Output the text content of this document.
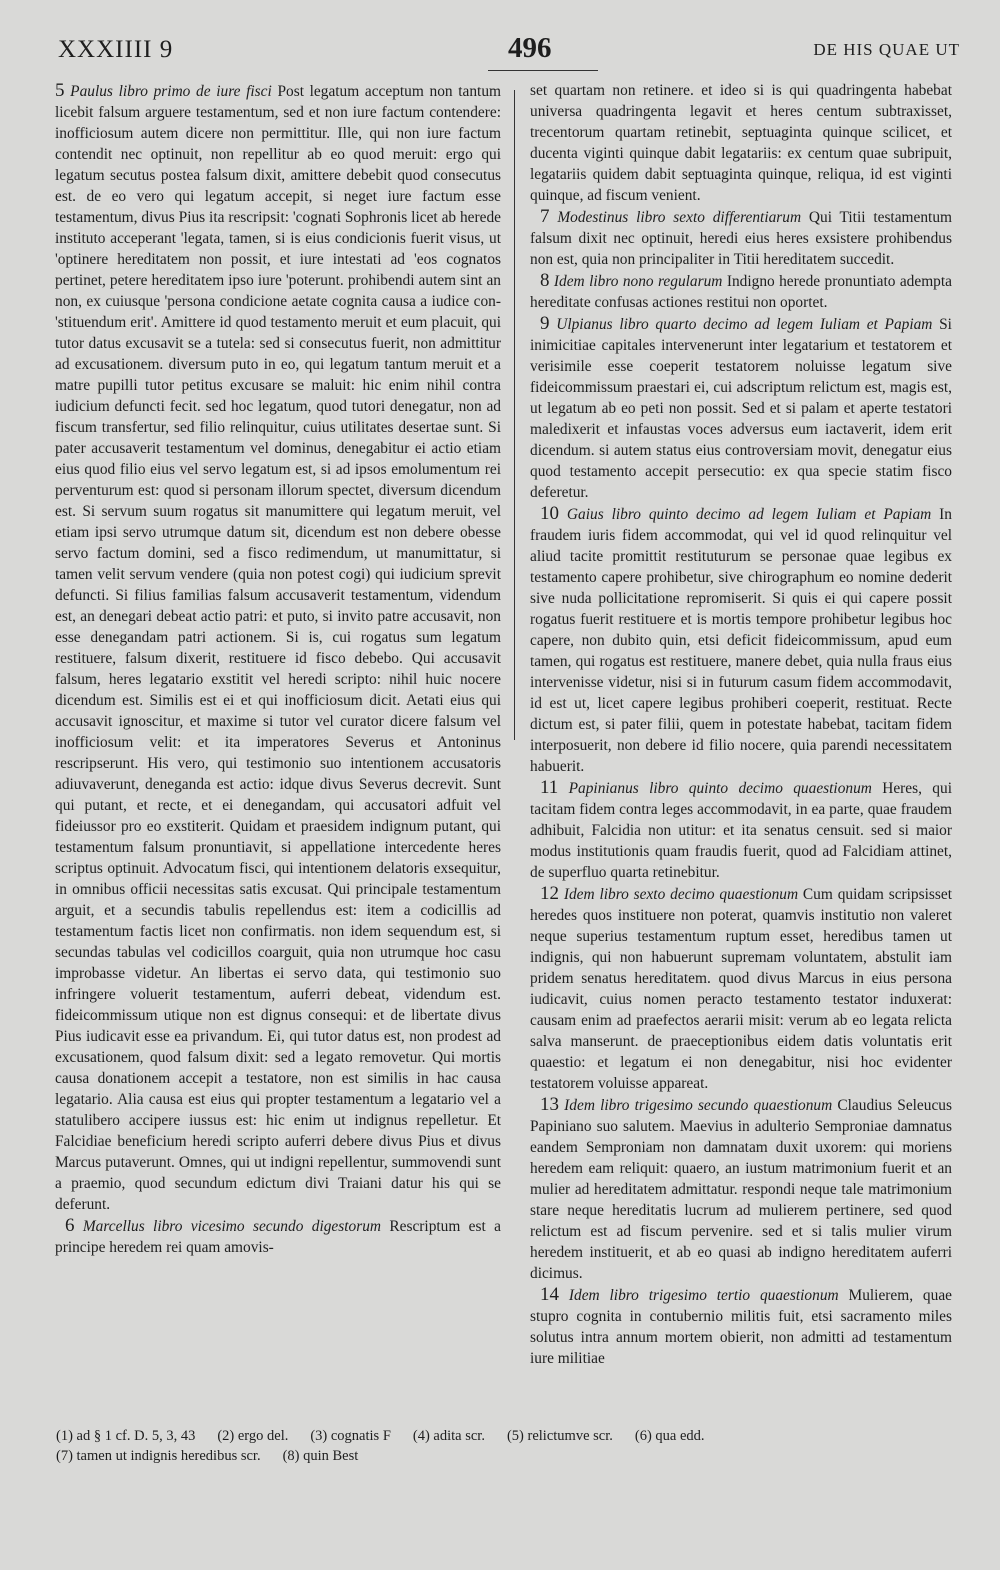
XXXIIII 9	496	DE HIS QUAE UT

5 Paulus libro primo de iure fisci Post legatum acceptum non tantum licebit falsum arguere testamentum, sed et non iure factum contendere: inofficiosum autem dicere non permittitur. Ille, qui non iure factum contendit nec optinuit, non repellitur ab eo quod meruit: ergo qui legatum secutus postea falsum dixit, amittere debebit quod consecutus est. de eo vero qui legatum accepit, si neget iure factum esse testamentum, divus Pius ita rescripsit: 'cognati Sophronis licet ab herede instituto acceperant 'legata, tamen, si is eius condicionis fuerit visus, ut 'optinere hereditatem non possit, et iure intestati ad 'eos cognatos pertinet, petere hereditatem ipso iure 'poterunt. prohibendi autem sint an non, ex cuiusque 'persona condicione aetate cognita causa a iudice con- 'stituendum erit'. Amittere id quod testamento meruit et eum placuit, qui tutor datus excusavit se a tutela: sed si consecutus fuerit, non admittitur ad excusationem. diversum puto in eo, qui legatum tantum meruit et a matre pupilli tutor petitus excusare se maluit: hic enim nihil contra iudicium defuncti fecit. sed hoc legatum, quod tutori denegatur, non ad fiscum transfertur, sed filio relinquitur, cuius utilitates desertae sunt. Si pater accusaverit testamentum vel dominus, denegabitur ei actio etiam eius quod filio eius vel servo legatum est, si ad ipsos emolumentum rei perventurum est: quod si personam illorum spectet, diversum dicendum est. Si servum suum rogatus sit manumittere qui legatum meruit, vel etiam ipsi servo utrumque datum sit, dicendum est non debere obesse servo factum domini, sed a fisco redimendum, ut manumittatur, si tamen velit servum vendere (quia non potest cogi) qui iudicium sprevit defuncti. Si filius familias falsum accusaverit testamentum, videndum est, an denegari debeat actio patri: et puto, si invito patre accusavit, non esse denegandam patri actionem. Si is, cui rogatus sum legatum restituere, falsum dixerit, restituere id fisco debebo. Qui accusavit falsum, heres legatario exstitit vel heredi scripto: nihil huic nocere dicendum est. Similis est ei et qui inofficiosum dicit. Aetati eius qui accusavit ignoscitur, et maxime si tutor vel curator dicere falsum vel inofficiosum velit: et ita imperatores Severus et Antoninus rescripserunt. His vero, qui testimonio suo intentionem accusatoris adiuvaverunt, deneganda est actio: idque divus Severus decrevit. Sunt qui putant, et recte, et ei denegandam, qui accusatori adfuit vel fideiussor pro eo exstiterit. Quidam et praesidem indignum putant, qui testamentum falsum pronuntiavit, si appellatione intercedente heres scriptus optinuit. Advocatum fisci, qui intentionem delatoris exsequitur, in omnibus officii necessitas satis excusat. Qui principale testamentum arguit, et a secundis tabulis repellendus est: item a codicillis ad testamentum factis licet non confirmatis. non idem sequendum est, si secundas tabulas vel codicillos coarguit, quia non utrumque hoc casu improbasse videtur. An libertas ei servo data, qui testimonio suo infringere voluerit testamentum, auferri debeat, videndum est. fideicommissum utique non est dignus consequi: et de libertate divus Pius iudicavit esse ea privandum. Ei, qui tutor datus est, non prodest ad excusationem, quod falsum dixit: sed a legato removetur. Qui mortis causa donationem accepit a testatore, non est similis in hac causa legatario. Alia causa est eius qui propter testamentum a legatario vel a statulibero accipere iussus est: hic enim ut indignus repelletur. Et Falcidiae beneficium heredi scripto auferri debere divus Pius et divus Marcus putaverunt. Omnes, qui ut indigni repellentur, summovendi sunt a praemio, quod secundum edictum divi Traiani datur his qui se deferunt.

6 Marcellus libro vicesimo secundo digestorum Rescriptum est a principe heredem rei quam amovis-

set quartam non retinere. et ideo si is qui quadringenta habebat universa quadringenta legavit et heres centum subtraxisset, trecentorum quartam retinebit, septuaginta quinque scilicet, et ducenta viginti quinque dabit legatariis: ex centum quae subripuit, legatariis quidem dabit septuaginta quinque, reliqua, id est viginti quinque, ad fiscum venient.

7 Modestinus libro sexto differentiarum Qui Titii testamentum falsum dixit nec optinuit, heredi eius heres exsistere prohibendus non est, quia non principaliter in Titii hereditatem succedit.

8 Idem libro nono regularum Indigno herede pronuntiato adempta hereditate confusas actiones restitui non oportet.

9 Ulpianus libro quarto decimo ad legem Iuliam et Papiam Si inimicitiae capitales intervenerunt inter legatarium et testatorem et verisimile esse coeperit testatorem noluisse legatum sive fideicommissum praestari ei, cui adscriptum relictum est, magis est, ut legatum ab eo peti non possit. Sed et si palam et aperte testatori maledixerit et infaustas voces adversus eum iactaverit, idem erit dicendum. si autem status eius controversiam movit, denegatur eius quod testamento accepit persecutio: ex qua specie statim fisco deferetur.

10 Gaius libro quinto decimo ad legem Iuliam et Papiam In fraudem iuris fidem accommodat, qui vel id quod relinquitur vel aliud tacite promittit restituturum se personae quae legibus ex testamento capere prohibetur, sive chirographum eo nomine dederit sive nuda pollicitatione repromiserit. Si quis ei qui capere possit rogatus fuerit restituere et is mortis tempore prohibetur legibus hoc capere, non dubito quin, etsi deficit fideicommissum, apud eum tamen, qui rogatus est restituere, manere debet, quia nulla fraus eius intervenisse videtur, nisi si in futurum casum fidem accommodavit, id est ut, licet capere legibus prohiberi coeperit, restituat. Recte dictum est, si pater filii, quem in potestate habebat, tacitam fidem interposuerit, non debere id filio nocere, quia parendi necessitatem habuerit.

11 Papinianus libro quinto decimo quaestionum Heres, qui tacitam fidem contra leges accommodavit, in ea parte, quae fraudem adhibuit, Falcidia non utitur: et ita senatus censuit. sed si maior modus institutionis quam fraudis fuerit, quod ad Falcidiam attinet, de superfluo quarta retinebitur.

12 Idem libro sexto decimo quaestionum Cum quidam scripsisset heredes quos instituere non poterat, quamvis institutio non valeret neque superius testamentum ruptum esset, heredibus tamen ut indignis, qui non habuerunt supremam voluntatem, abstulit iam pridem senatus hereditatem. quod divus Marcus in eius persona iudicavit, cuius nomen peracto testamento testator induxerat: causam enim ad praefectos aerarii misit: verum ab eo legata relicta salva manserunt. de praeceptionibus eidem datis voluntatis erit quaestio: et legatum ei non denegabitur, nisi hoc evidenter testatorem voluisse appareat.

13 Idem libro trigesimo secundo quaestionum Claudius Seleucus Papiniano suo salutem. Maevius in adulterio Semproniae damnatus eandem Semproniam non damnatam duxit uxorem: qui moriens heredem eam reliquit: quaero, an iustum matrimonium fuerit et an mulier ad hereditatem admittatur. respondi neque tale matrimonium stare neque hereditatis lucrum ad mulierem pertinere, sed quod relictum est ad fiscum pervenire. sed et si talis mulier virum heredem instituerit, et ab eo quasi ab indigno hereditatem auferri dicimus.

14 Idem libro trigesimo tertio quaestionum Mulierem, quae stupro cognita in contubernio militis fuit, etsi sacramento miles solutus intra annum mortem obierit, non admitti ad testamentum iure militiae

(1) ad § 1 cf. D. 5, 3, 43 (2) ergo del. (3) cognatis F (4) adita scr. (5) relictumve scr. (6) qua edd.
(7) tamen ut indignis heredibus scr. (8) quin Best
